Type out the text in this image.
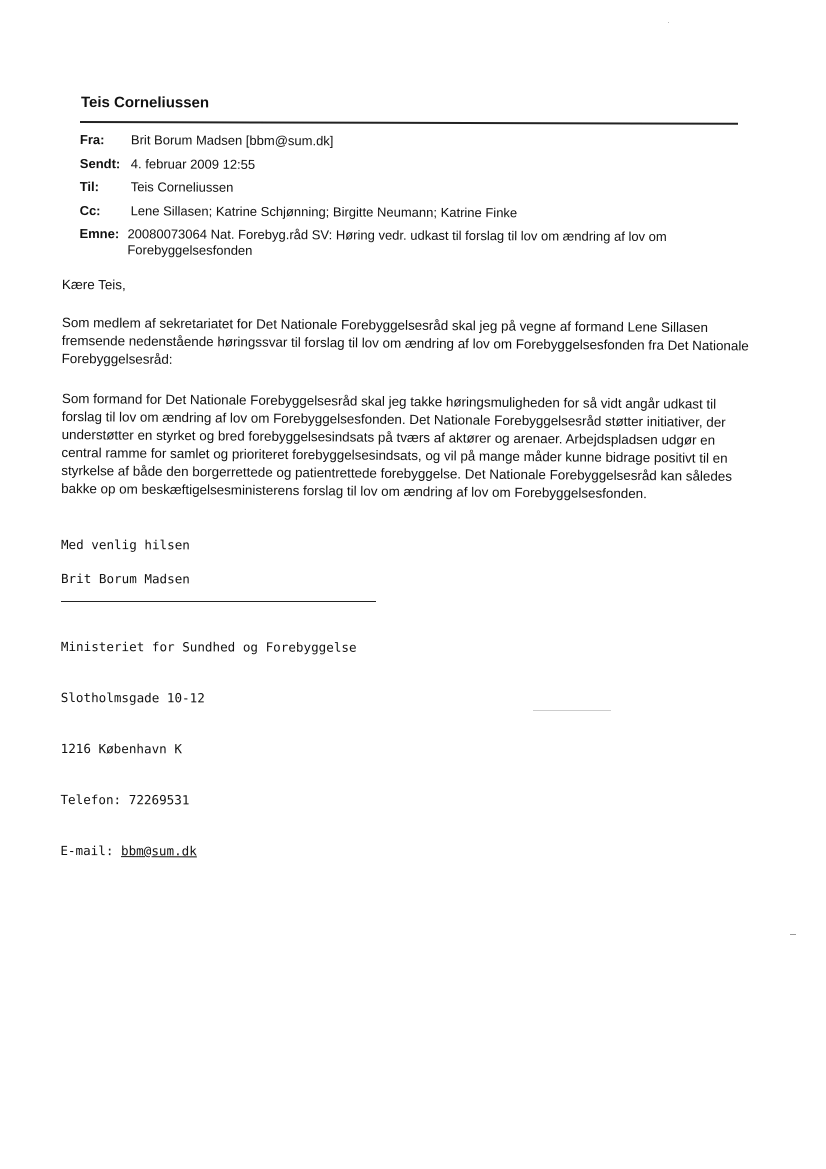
Teis Corneliussen
Fra:	Brit Borum Madsen [bbm@sum.dk]
Sendt: 4. februar 2009 12:55
Til:	Teis Corneliussen
Cc:	Lene Sillasen; Katrine Schjønning; Birgitte Neumann; Katrine Finke
Emne: 20080073064 Nat. Forebyg.råd SV: Høring vedr. udkast til forslag til lov om ændring af lov om Forebyggelsesfonden
Kære Teis,
Som medlem af sekretariatet for Det Nationale Forebyggelsesråd skal jeg på vegne af formand Lene Sillasen fremsende nedenstående høringssvar til forslag til lov om ændring af lov om Forebyggelsesfonden fra Det Nationale Forebyggelsesråd:
Som formand for Det Nationale Forebyggelsesråd skal jeg takke høringsmuligheden for så vidt angår udkast til forslag til lov om ændring af lov om Forebyggelsesfonden. Det Nationale Forebyggelsesråd støtter initiativer, der understøtter en styrket og bred forebyggelsesindsats på tværs af aktører og arenaer. Arbejdspladsen udgør en central ramme for samlet og prioriteret forebyggelsesindsats, og vil på mange måder kunne bidrage positivt til en styrkelse af både den borgerrettede og patientrettede forebyggelse. Det Nationale Forebyggelsesråd kan således bakke op om beskæftigelsesministerens forslag til lov om ændring af lov om Forebyggelsesfonden.
Med venlig hilsen
Brit Borum Madsen

Ministeriet for Sundhed og Forebyggelse

Slotholmsgade 10-12

1216 København K

Telefon: 72269531

E-mail: bbm@sum.dk
